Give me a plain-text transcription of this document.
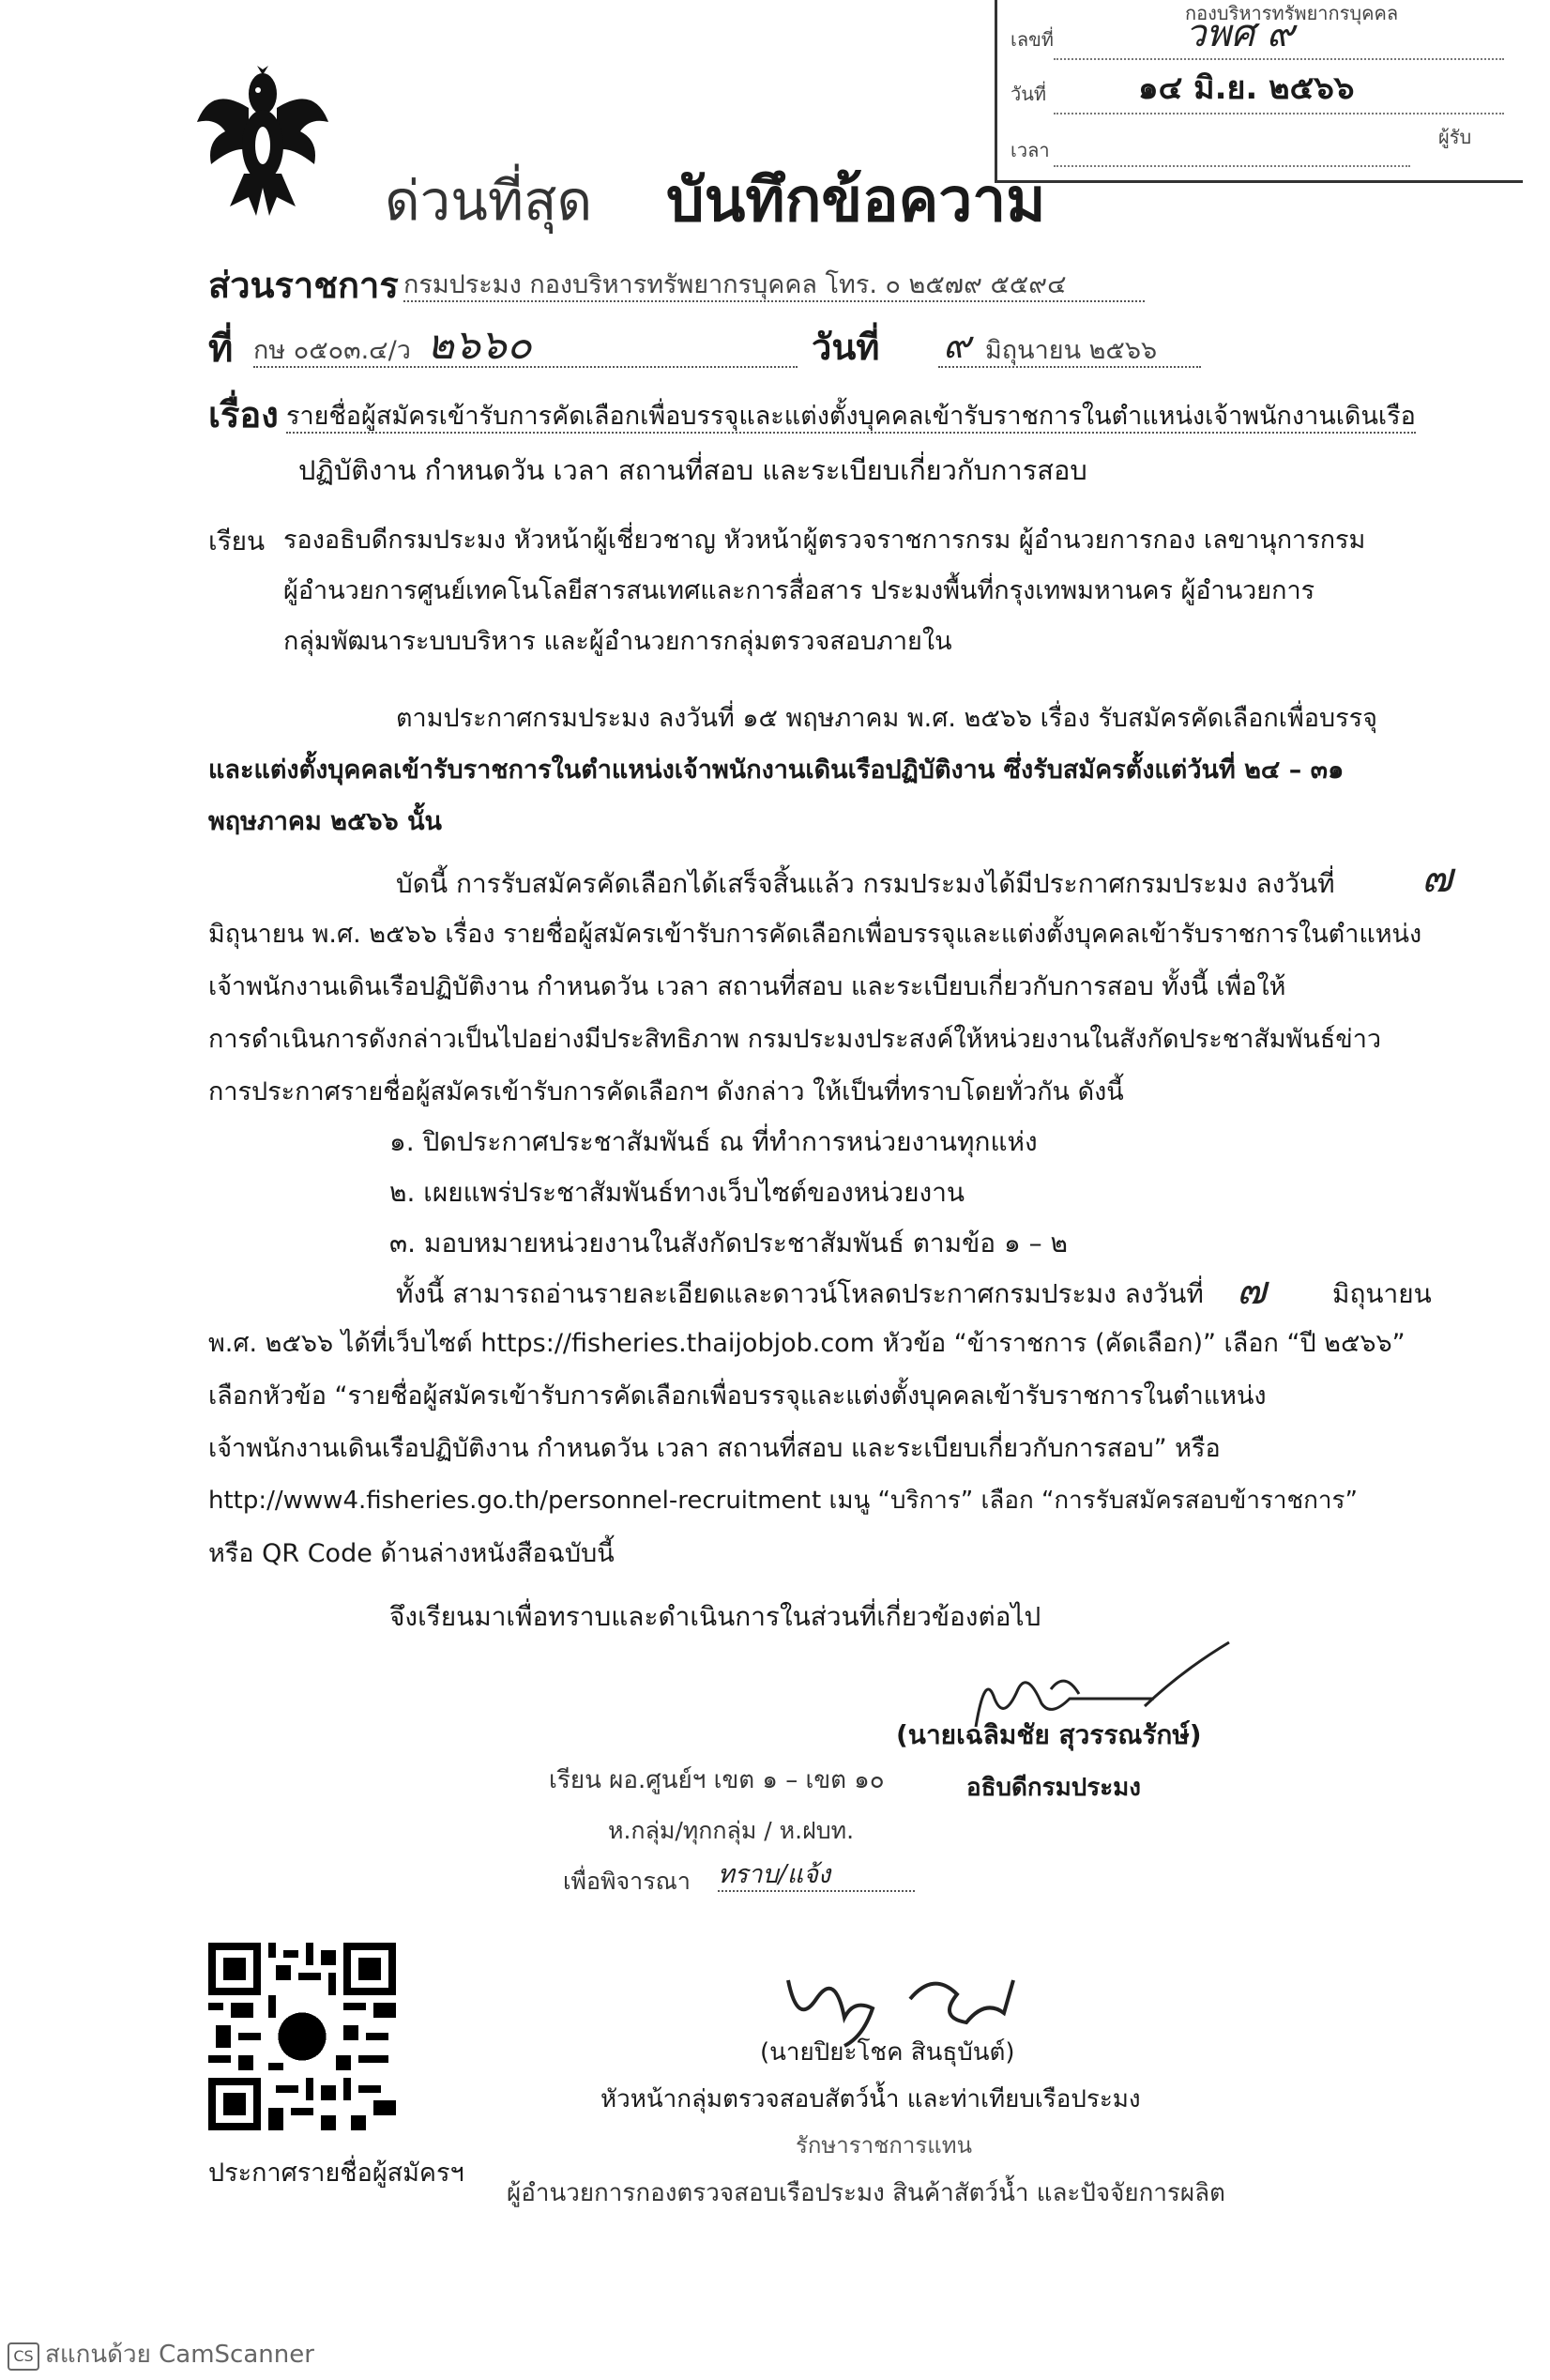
กองบริหารทรัพยากรบุคคล
เลขที่	วพศ ๙
วันที่	๑๔ มิ.ย. ๒๕๖๖
เวลา
ผู้รับ
ด่วนที่สุด บันทึกข้อความ
ส่วนราชการ กรมประมง กองบริหารทรัพยากรบุคคล โทร. ๐ ๒๕๗๙ ๕๕๙๔
ที่ กษ ๐๕๐๓.๔/ว ๒๖๖๐	วันที่	มิถุนายน ๒๕๖๖
๙
เรื่อง รายชื่อผู้สมัครเข้ารับการคัดเลือกเพื่อบรรจุและแต่งตั้งบุคคลเข้ารับราชการในตำแหน่งเจ้าพนักงานเดินเรือ
ปฏิบัติงาน กำหนดวัน เวลา สถานที่สอบ และระเบียบเกี่ยวกับการสอบ
เรียน รองอธิบดีกรมประมง หัวหน้าผู้เชี่ยวชาญ หัวหน้าผู้ตรวจราชการกรม ผู้อำนวยการกอง เลขานุการกรม
ผู้อำนวยการศูนย์เทคโนโลยีสารสนเทศและการสื่อสาร ประมงพื้นที่กรุงเทพมหานคร ผู้อำนวยการ
กลุ่มพัฒนาระบบบริหาร และผู้อำนวยการกลุ่มตรวจสอบภายใน
ตามประกาศกรมประมง ลงวันที่ ๑๕ พฤษภาคม พ.ศ. ๒๕๖๖ เรื่อง รับสมัครคัดเลือกเพื่อบรรจุ
และแต่งตั้งบุคคลเข้ารับราชการในตำแหน่งเจ้าพนักงานเดินเรือปฏิบัติงาน ซึ่งรับสมัครตั้งแต่วันที่ ๒๔ – ๓๑
พฤษภาคม ๒๕๖๖ นั้น
บัดนี้ การรับสมัครคัดเลือกได้เสร็จสิ้นแล้ว กรมประมงได้มีประกาศกรมประมง ลงวันที่ ๗
มิถุนายน พ.ศ. ๒๕๖๖ เรื่อง รายชื่อผู้สมัครเข้ารับการคัดเลือกเพื่อบรรจุและแต่งตั้งบุคคลเข้ารับราชการในตำแหน่ง
เจ้าพนักงานเดินเรือปฏิบัติงาน กำหนดวัน เวลา สถานที่สอบ และระเบียบเกี่ยวกับการสอบ ทั้งนี้ เพื่อให้
การดำเนินการดังกล่าวเป็นไปอย่างมีประสิทธิภาพ กรมประมงประสงค์ให้หน่วยงานในสังกัดประชาสัมพันธ์ข่าว
การประกาศรายชื่อผู้สมัครเข้ารับการคัดเลือกฯ ดังกล่าว ให้เป็นที่ทราบโดยทั่วกัน ดังนี้
๑. ปิดประกาศประชาสัมพันธ์ ณ ที่ทำการหน่วยงานทุกแห่ง
๒. เผยแพร่ประชาสัมพันธ์ทางเว็บไซต์ของหน่วยงาน
๓. มอบหมายหน่วยงานในสังกัดประชาสัมพันธ์ ตามข้อ ๑ – ๒
ทั้งนี้ สามารถอ่านรายละเอียดและดาวน์โหลดประกาศกรมประมง ลงวันที่ ๗	มิถุนายน
พ.ศ. ๒๕๖๖ ได้ที่เว็บไซต์ https://fisheries.thaijobjob.com หัวข้อ “ข้าราชการ (คัดเลือก)” เลือก “ปี ๒๕๖๖”
เลือกหัวข้อ “รายชื่อผู้สมัครเข้ารับการคัดเลือกเพื่อบรรจุและแต่งตั้งบุคคลเข้ารับราชการในตำแหน่ง
เจ้าพนักงานเดินเรือปฏิบัติงาน กำหนดวัน เวลา สถานที่สอบ และระเบียบเกี่ยวกับการสอบ” หรือ
http://www4.fisheries.go.th/personnel-recruitment เมนู “บริการ” เลือก “การรับสมัครสอบข้าราชการ”
หรือ QR Code ด้านล่างหนังสือฉบับนี้
จึงเรียนมาเพื่อทราบและดำเนินการในส่วนที่เกี่ยวข้องต่อไป
(นายเฉลิมชัย สุวรรณรักษ์)
อธิบดีกรมประมง
เรียน ผอ.ศูนย์ฯ เขต ๑ – เขต ๑๐
ห.กลุ่ม/ทุกกลุ่ม / ห.ฝบท.
เพื่อพิจารณา ทราบ/แจ้ง
(นายปิยะโชค สินธุบันต์)
หัวหน้ากลุ่มตรวจสอบสัตว์น้ำ และท่าเทียบเรือประมง
รักษาราชการแทน
ผู้อำนวยการกองตรวจสอบเรือประมง สินค้าสัตว์น้ำ และปัจจัยการผลิต
ประกาศรายชื่อผู้สมัครฯ
CS สแกนด้วย CamScanner
